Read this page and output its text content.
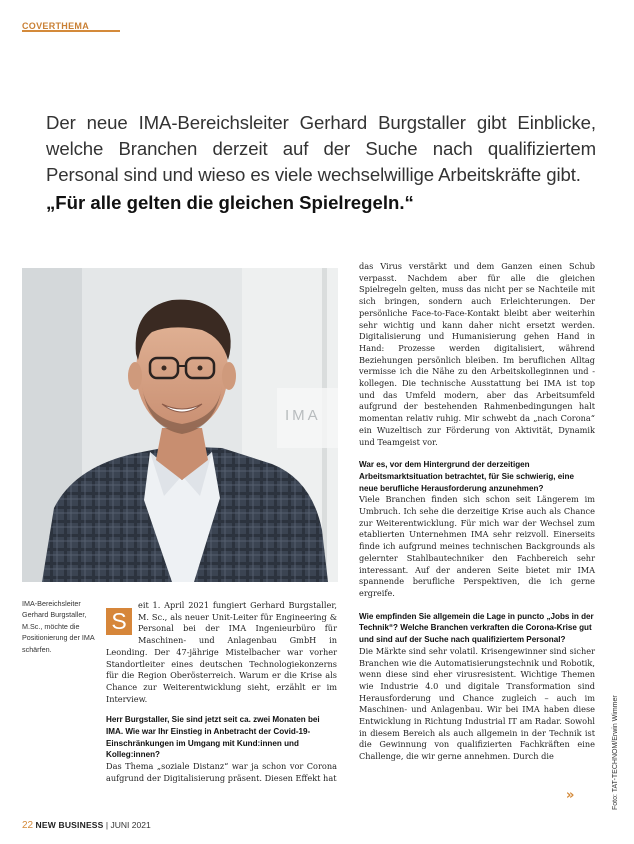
COVERTHEMA

Der neue IMA-Bereichsleiter Gerhard Burgstaller gibt Einblicke, welche Branchen derzeit auf der Suche nach qualifiziertem Personal sind und wieso es viele wechselwillige Arbeitskräfte gibt.

„Für alle gelten die gleichen Spielregeln.“

IMA
IMA-Bereichsleiter Gerhard Burgstaller, M.Sc., möchte die Positionierung der IMA schärfen.

S
eit 1. April 2021 fungiert Gerhard Burgstaller, M. Sc., als neuer Unit-Leiter für Engineering & Personal bei der IMA Ingenieurbüro für Maschinen- und Anlagenbau GmbH in Leonding. Der 47-jährige Mistelbacher war vorher Standortleiter eines deutschen Technologiekonzerns für die Region Oberösterreich. Warum er die Krise als Chance zur Weiterentwicklung sieht, erzählt er im Interview.

Herr Burgstaller, Sie sind jetzt seit ca. zwei Monaten bei IMA. Wie war Ihr Einstieg in Anbetracht der Covid-19-Einschränkungen im Umgang mit Kund:innen und Kolleg:innen?

Das Thema „soziale Distanz“ war ja schon vor Corona aufgrund der Digitalisierung präsent. Diesen Effekt hat

das Virus verstärkt und dem Ganzen einen Schub verpasst. Nachdem aber für alle die gleichen Spielregeln gelten, muss das nicht per se Nachteile mit sich bringen, sondern auch Erleichterungen. Der persönliche Face-to-Face-Kontakt bleibt aber weiterhin sehr wichtig und kann daher nicht ersetzt werden. Digitalisierung und Humanisierung gehen Hand in Hand: Prozesse werden digitalisiert, während Beziehungen persönlich bleiben. Im beruflichen Alltag vermisse ich die Nähe zu den Arbeitskolleginnen und -kollegen. Die technische Ausstattung bei IMA ist top und das Umfeld modern, aber das Arbeitsumfeld aufgrund der bestehenden Rahmenbedingungen halt momentan relativ ruhig. Mir schwebt da „nach Corona“ ein Wuzeltisch zur Förderung von Aktivität, Dynamik und Teamgeist vor.

War es, vor dem Hintergrund der derzeitigen Arbeitsmarktsituation betrachtet, für Sie schwierig, eine neue berufliche Herausforderung anzunehmen?

Viele Branchen finden sich schon seit Längerem im Umbruch. Ich sehe die derzeitige Krise auch als Chance zur Weiterentwicklung. Für mich war der Wechsel zum etablierten Unternehmen IMA sehr reizvoll. Einerseits finde ich aufgrund meines technischen Backgrounds als gelernter Stahlbautechniker den Fachbereich sehr interessant. Auf der anderen Seite bietet mir IMA spannende berufliche Perspektiven, die ich gerne ergreife.

Wie empfinden Sie allgemein die Lage in puncto „Jobs in der Technik“? Welche Branchen verkraften die Corona-Krise gut und sind auf der Suche nach qualifiziertem Personal?

Die Märkte sind sehr volatil. Krisengewinner sind sicher Branchen wie die Automatisierungstechnik und Robotik, wenn diese sind eher virusresistent. Wichtige Themen wie Industrie 4.0 und digitale Transformation sind Herausforderung und Chance zugleich – auch im Maschinen- und Anlagenbau. Wir bei IMA haben diese Entwicklung in Richtung Industrial IT am Radar. Sowohl in diesem Bereich als auch allgemein in der Technik ist die Gewinnung von qualifizierten Fachkräften eine Challenge, die wir gerne annehmen. Durch die

»	Foto: TAT-TECHNOM/Erwin Wimmer
22 NEW BUSINESS | JUNI 2021
